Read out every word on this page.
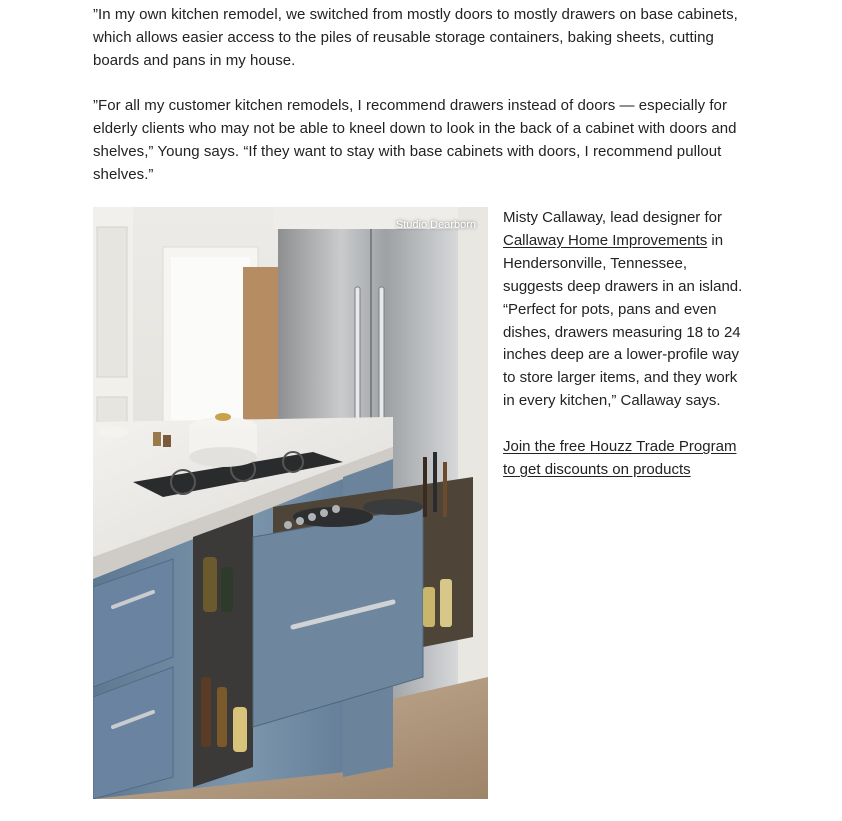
”In my own kitchen remodel, we switched from mostly doors to mostly drawers on base cabinets, which allows easier access to the piles of reusable storage containers, baking sheets, cutting boards and pans in my house.

”For all my customer kitchen remodels, I recommend drawers instead of doors — especially for elderly clients who may not be able to kneel down to look in the back of a cabinet with doors and shelves,” Young says. “If they want to stay with base cabinets with doors, I recommend pullout shelves.”

Studio Dearborn Misty Callaway, lead designer for Callaway Home Improvements in Hendersonville, Tennessee, suggests deep drawers in an island. “Perfect for pots, pans and even dishes, drawers measuring 18 to 24 inches deep are a lower-profile way to store larger items, and they work in every kitchen,” Callaway says.

Join the free Houzz Trade Program to get discounts on products
